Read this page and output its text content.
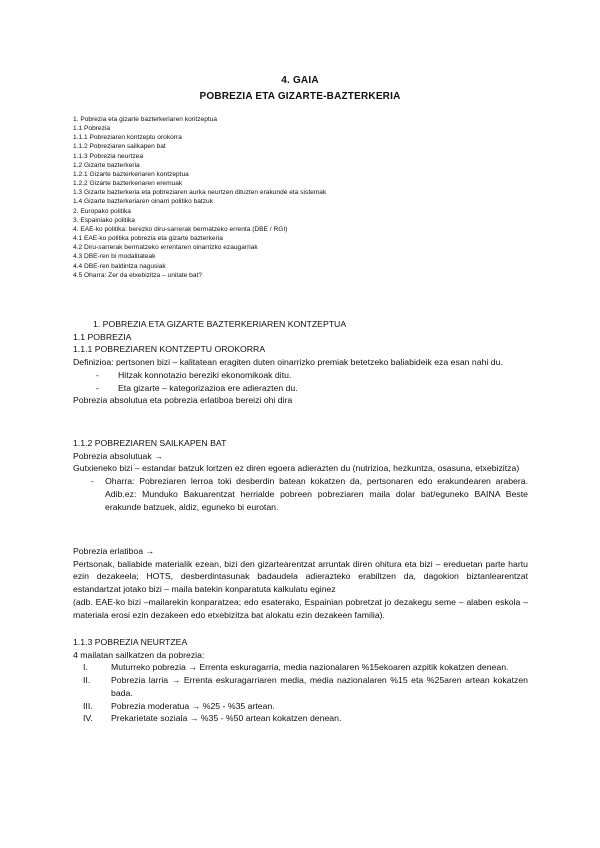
4. GAIA
POBREZIA ETA GIZARTE-BAZTERKERIA
1. Pobrezia eta gizarte bazterkeriaren kontzeptua
1.1 Pobrezia
1.1.1 Pobreziaren kontzeptu orokorra
1.1.2 Pobreziaren sailkapen bat
1.1.3 Pobrezia neurtzea
1.2 Gizarte bazterkeria
1.2.1 Gizarte bazterkeriaren kontzeptua
1.2.2 Gizarte bazterkeriaren eremuak
1.3 Gizarte bazterkeria eta pobreziaren aurka neurtzen dituzten erakunde eta sistemak
1.4 Gizarte bazterkeriaren oinarri politiko batzuk
2. Europako politika
3. Espainiako politika
4. EAE-ko politika: berezko diru-sarrerak bermatzeko errenta (DBE / RGI)
4.1 EAE-ko politika pobrezia eta gizarte bazterkeria
4.2 Diru-sarrerak bermatzeko errentaren oinarrizko ezaugarriak
4.3 DBE-ren bi modalitateak
4.4 DBE-ren baldintza nagusiak
4.5 Oharra: Zer da etxebizitza – unitate bat?

1. POBREZIA ETA GIZARTE BAZTERKERIAREN KONTZEPTUA

1.1 POBREZIA

1.1.1 POBREZIAREN KONTZEPTU OROKORRA

Definizioa: pertsonen bizi – kalitatean eragiten duten oinarrizko premiak betetzeko baliabideik eza esan nahi du.

-	Hitzak konnotazio bereziki ekonomikoak ditu.
-	Eta gizarte – kategorizazioa ere adierazten du.

Pobrezia absolutua eta pobrezia erlatiboa bereizi ohi dira

1.1.2 POBREZIAREN SAILKAPEN BAT

Pobrezia absolutuak →

Gutxieneko bizi – estandar batzuk lortzen ez diren egoera adierazten du (nutrizioa, hezkuntza, osasuna, etxebizitza)

-	Oharra: Pobreziaren lerroa toki desberdin batean kokatzen da, pertsonaren edo erakundearen arabera. Adib.ez: Munduko Bakuarentzat herrialde pobreen pobreziaren maila dolar bat/eguneko BAINA Beste erakunde batzuek, aldiz, eguneko bi eurotan.

Pobrezia erlatiboa →

Pertsonak, baliabide materialik ezean, bizi den gizartearentzat arruntak diren ohitura eta bizi – ereduetan parte hartu ezin dezakeela; HOTS, desberdintasunak badaudela adierazteko erabiltzen da, dagokion biztanlearentzat estandartzat jotako bizi – maila batekin konparatuta kalkulatu eginez

(adb. EAE-ko bizi –mailarekin konparatzea; edo esaterako, Espainian pobretzat jo dezakegu seme – alaben eskola – materiala erosi ezin dezakeen edo etxebizitza bat alokatu ezin dezakeen familia).

1.1.3 POBREZIA NEURTZEA

4 mailatan sailkatzen da pobrezia:

I.	Muturreko pobrezia → Errenta eskuragarria, media nazionalaren %15ekoaren azpitik kokatzen denean.
II.	Pobrezia larria → Errenta eskuragarriaren media, media nazionalaren %15 eta %25aren artean kokatzen bada.
III.	Pobrezia moderatua → %25 - %35 artean.
IV.	Prekarietate soziala → %35 - %50 artean kokatzen denean.
